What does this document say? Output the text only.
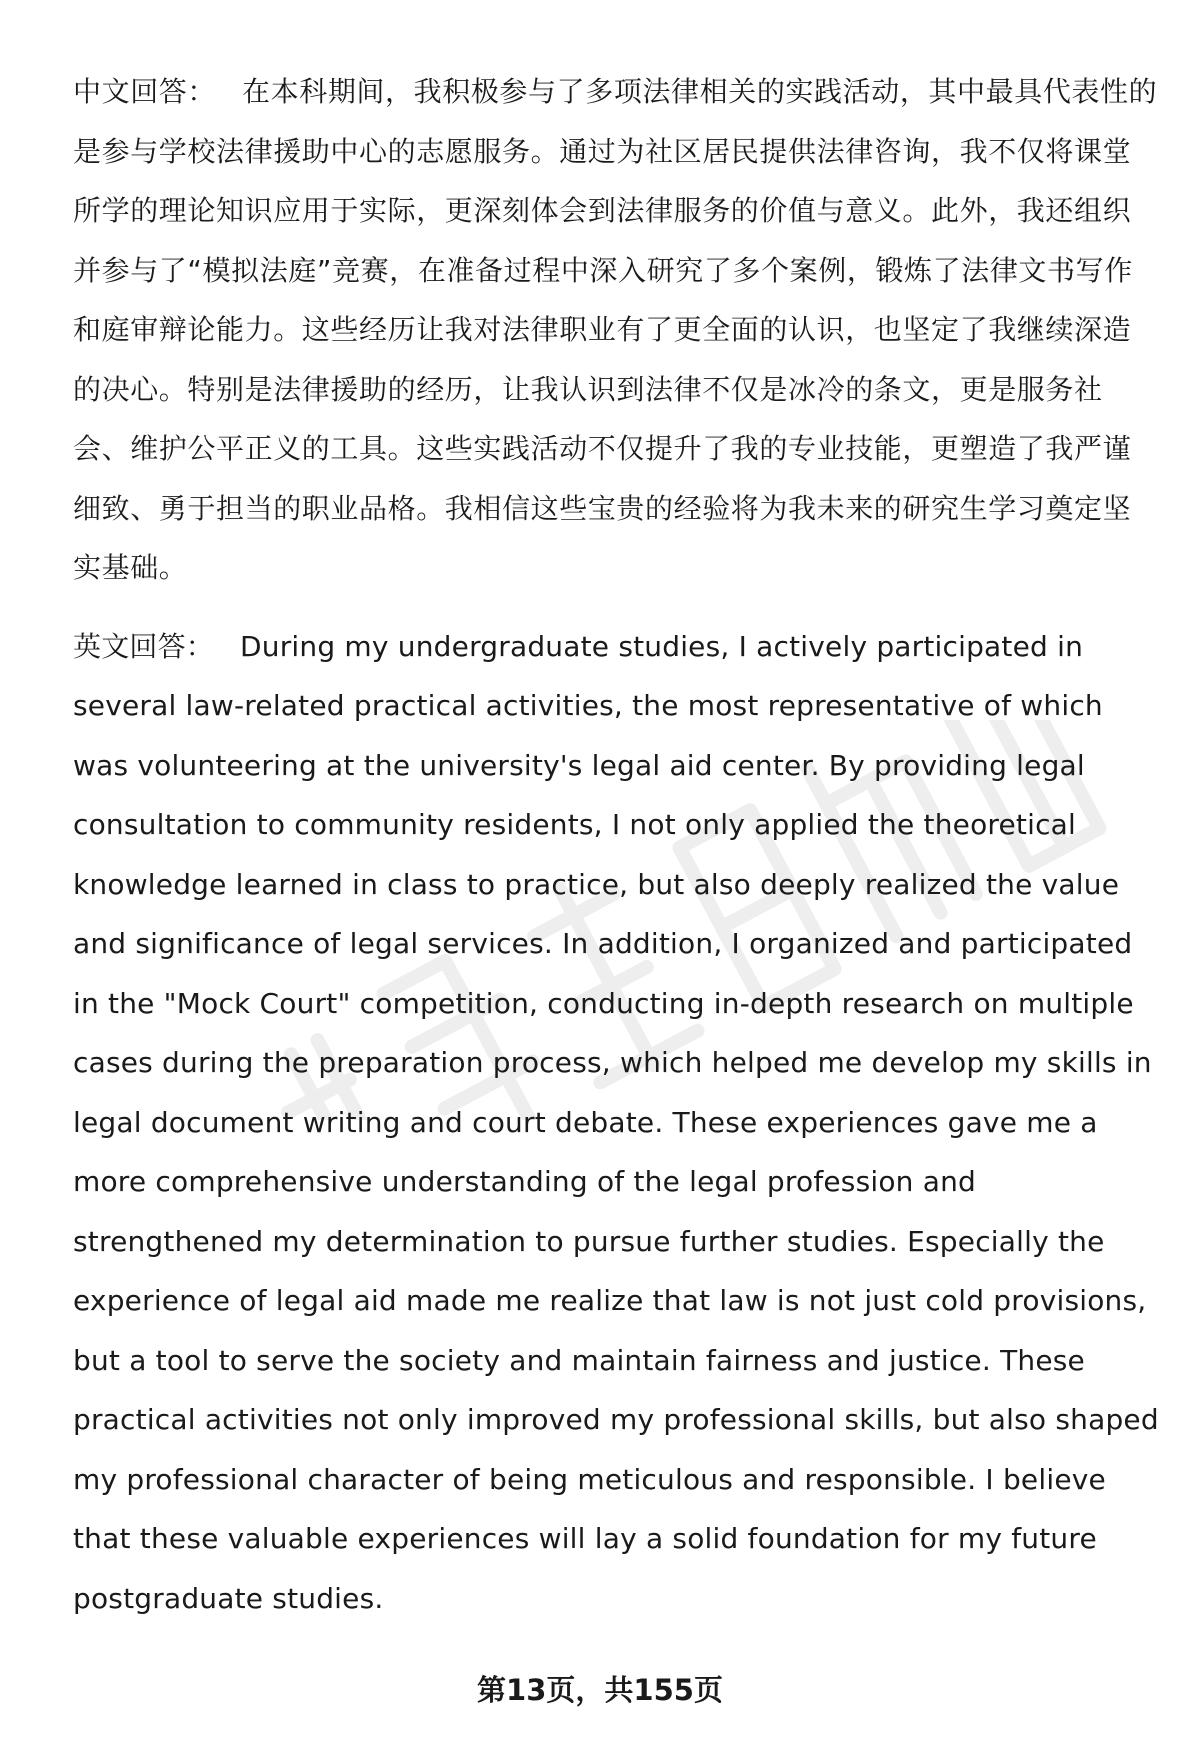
中文回答： 在本科期间，我积极参与了多项法律相关的实践活动，其中最具代表性的是参与学校法律援助中心的志愿服务。通过为社区居民提供法律咨询，我不仅将课堂所学的理论知识应用于实际，更深刻体会到法律服务的价值与意义。此外，我还组织并参与了“模拟法庭”竞赛，在准备过程中深入研究了多个案例，锻炼了法律文书写作和庭审辩论能力。这些经历让我对法律职业有了更全面的认识，也坚定了我继续深造的决心。特别是法律援助的经历，让我认识到法律不仅是冰冷的条文，更是服务社会、维护公平正义的工具。这些实践活动不仅提升了我的专业技能，更塑造了我严谨细致、勇于担当的职业品格。我相信这些宝贵的经验将为我未来的研究生学习奠定坚实基础。

英文回答： During my undergraduate studies, I actively participated in several law-related practical activities, the most representative of which was volunteering at the university's legal aid center. By providing legal consultation to community residents, I not only applied the theoretical knowledge learned in class to practice, but also deeply realized the value and significance of legal services. In addition, I organized and participated in the "Mock Court" competition, conducting in-depth research on multiple cases during the preparation process, which helped me develop my skills in legal document writing and court debate. These experiences gave me a more comprehensive understanding of the legal profession and strengthened my determination to pursue further studies. Especially the experience of legal aid made me realize that law is not just cold provisions, but a tool to serve the society and maintain fairness and justice. These practical activities not only improved my professional skills, but also shaped my professional character of being meticulous and responsible. I believe that these valuable experiences will lay a solid foundation for my future postgraduate studies.

第13页，共155页
